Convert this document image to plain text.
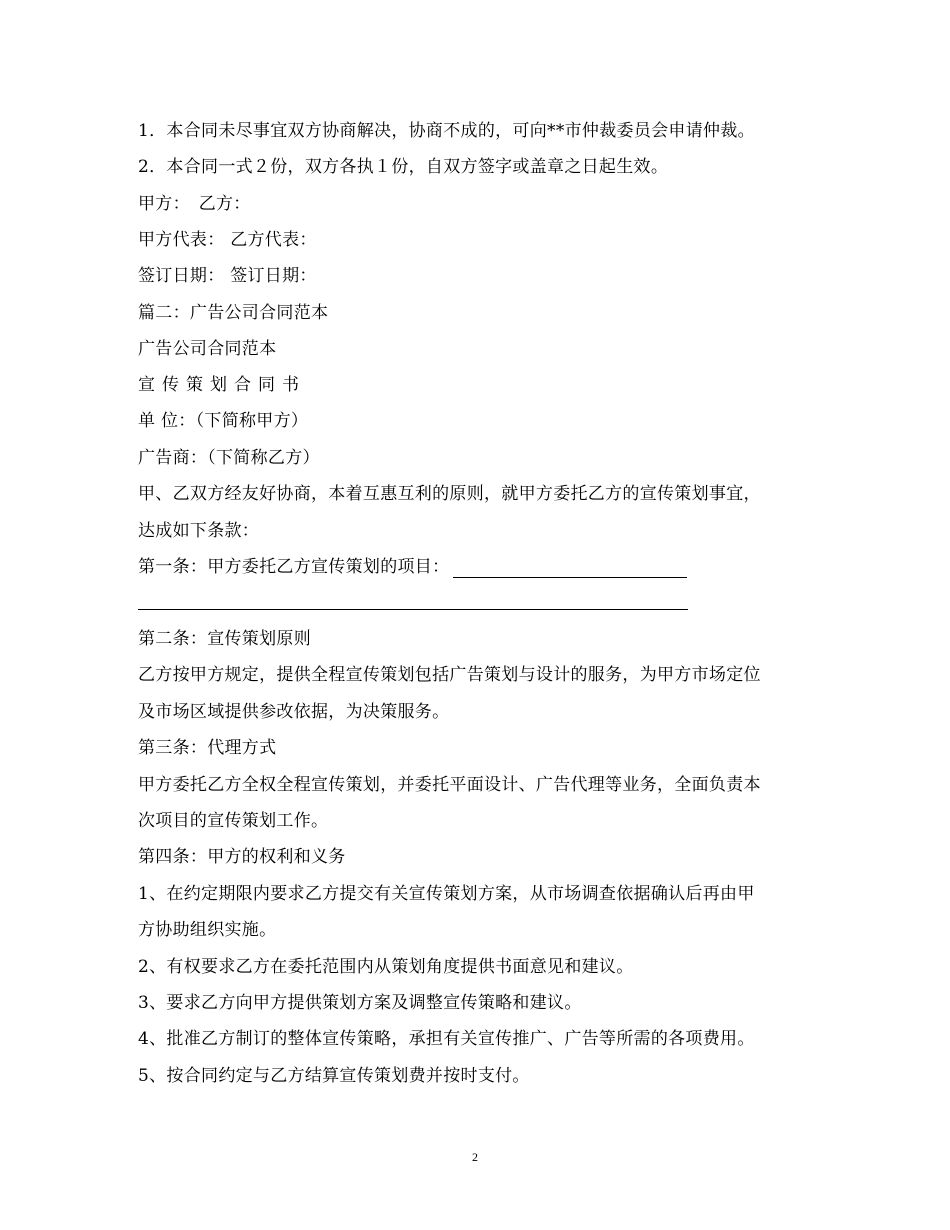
1．本合同未尽事宜双方协商解决，协商不成的，可向**市仲裁委员会申请仲裁。
2．本合同一式２份，双方各执１份，自双方签字或盖章之日起生效。
甲方：　乙方：
甲方代表： 乙方代表：
签订日期： 签订日期：
篇二：广告公司合同范本
广告公司合同范本
宣传策划合同书
单 位：（下简称甲方）
广告商：（下简称乙方）
甲、乙双方经友好协商，本着互惠互利的原则，就甲方委托乙方的宣传策划事宜，
达成如下条款：
第一条：甲方委托乙方宣传策划的项目：
第二条：宣传策划原则
乙方按甲方规定，提供全程宣传策划包括广告策划与设计的服务，为甲方市场定位
及市场区域提供参改依据，为决策服务。
第三条：代理方式
甲方委托乙方全权全程宣传策划，并委托平面设计、广告代理等业务，全面负责本
次项目的宣传策划工作。
第四条：甲方的权利和义务
1、在约定期限内要求乙方提交有关宣传策划方案，从市场调查依据确认后再由甲
方协助组织实施。
2、有权要求乙方在委托范围内从策划角度提供书面意见和建议。
3、要求乙方向甲方提供策划方案及调整宣传策略和建议。
4、批准乙方制订的整体宣传策略，承担有关宣传推广、广告等所需的各项费用。
5、按合同约定与乙方结算宣传策划费并按时支付。
2
